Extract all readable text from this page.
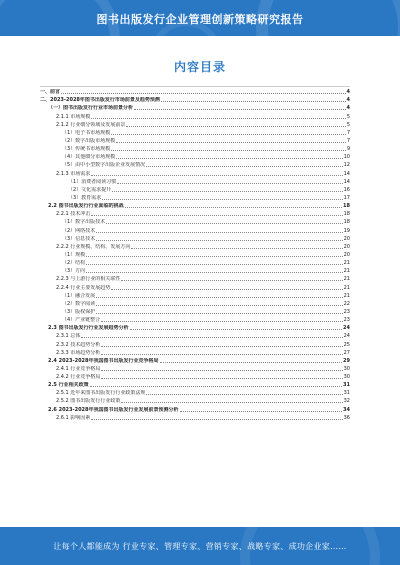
图书出版发行企业管理创新策略研究报告
内容目录
一、前言	4
二、2023-2028年图书出版发行市场前景及趋势预测	4
（一）图书出版发行行业市场前景分析	4
2.1.1 市场规模	5
2.1.2 行业细分领域及发展前景	5
（1）电子书市场规模	7
（2）数字出版市场规模	7
（3）传统书市场规模	9
（4）其他细分市场规模	10
（5）由中小型数字出版企业发展情况	12
2.1.3 市场需求	14
（1）消费者阅读习惯	14
（2）文化需求提升	16
（3）教育需求	17
2.2 图书出版发行行业面临的挑战	18
2.2.1 技术冲击	18
（1）数字出版技术	18
（2）网络技术	19
（3）信息技术	20
2.2.2 行业规模、结构、发展方向	20
（1）规模	20
（2）结构	21
（3）方向	21
2.2.3 与上游行业的相关联性	21
2.2.4 行业主要发展趋势	21
（1）融合发展	21
（2）数字阅读	22
（3）版权保护	23
（4）产业链整合	23
2.3 图书出版发行行业发展趋势分析	24
2.3.1 总体	24
2.3.2 技术趋势分析	25
2.3.3 市场趋势分析	27
2.4 2023-2028年我国图书出版发行业竞争格局	29
2.4.1 行业竞争格局	30
2.4.2 行业竞争格局	30
2.5 行业相关政策	31
2.5.1 近年来图书出版发行行业政策法规	31
2.5.2 图书出版发行行业政策	32
2.6 2023-2028年我国图书出版发行业发展前景预测分析	34
2.6.1 影响因素	36
让每个人都能成为 行业专家、管理专家、营销专家、战略专家、成功企业家……
